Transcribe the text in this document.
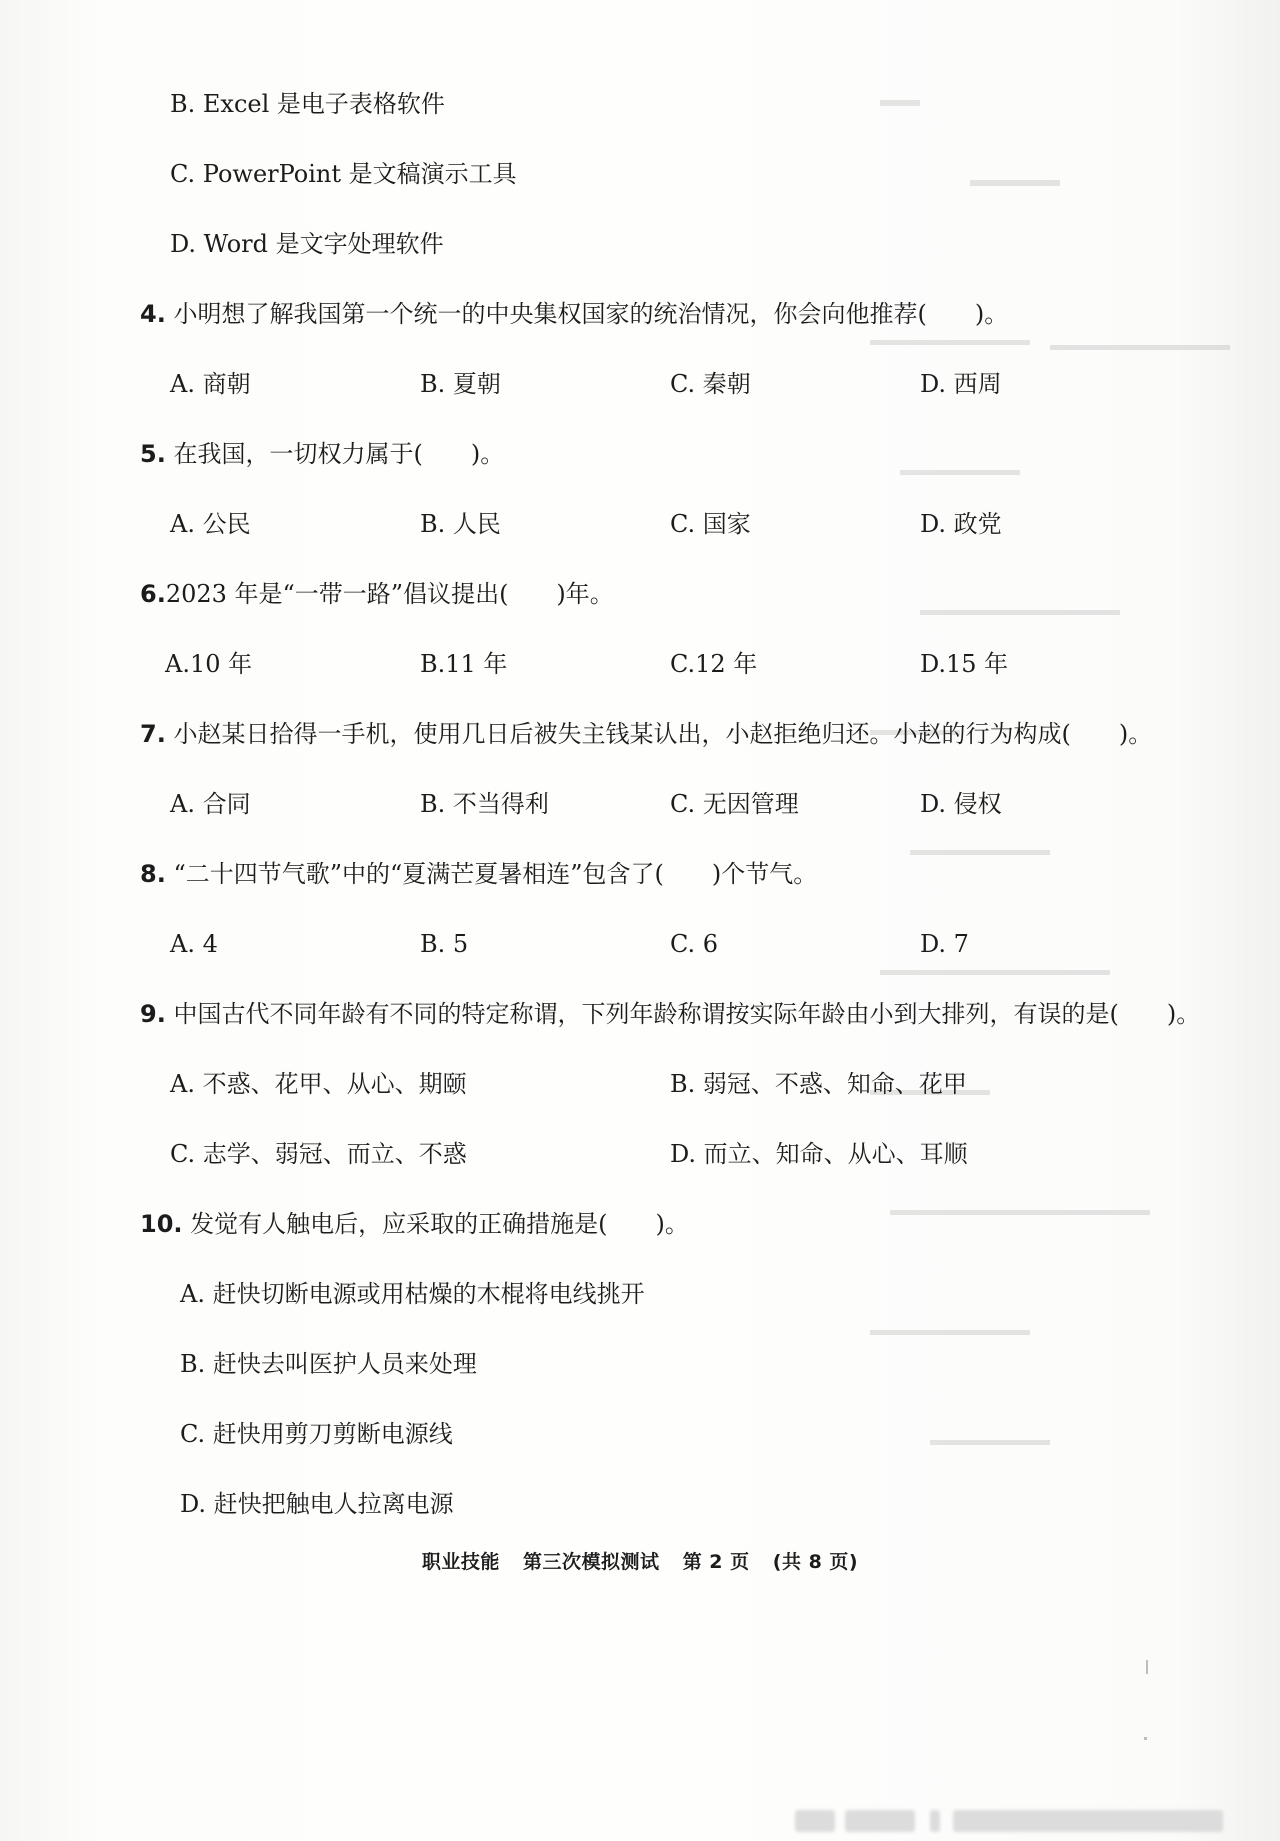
B. Excel 是电子表格软件
C. PowerPoint 是文稿演示工具
D. Word 是文字处理软件
4. 小明想了解我国第一个统一的中央集权国家的统治情况，你会向他推荐(　　)。
A. 商朝	B. 夏朝	C. 秦朝	D. 西周
5. 在我国，一切权力属于(　　)。
A. 公民	B. 人民	C. 国家	D. 政党
6.2023 年是“一带一路”倡议提出(　　)年。
A.10 年	B.11 年	C.12 年	D.15 年
7. 小赵某日拾得一手机，使用几日后被失主钱某认出，小赵拒绝归还。小赵的行为构成(　　)。
A. 合同	B. 不当得利	C. 无因管理	D. 侵权
8. “二十四节气歌”中的“夏满芒夏暑相连”包含了(　　)个节气。
A. 4	B. 5	C. 6	D. 7
9. 中国古代不同年龄有不同的特定称谓，下列年龄称谓按实际年龄由小到大排列，有误的是(　　)。
A. 不惑、花甲、从心、期颐	B. 弱冠、不惑、知命、花甲
C. 志学、弱冠、而立、不惑	D. 而立、知命、从心、耳顺
10. 发觉有人触电后，应采取的正确措施是(　　)。
A. 赶快切断电源或用枯燥的木棍将电线挑开
B. 赶快去叫医护人员来处理
C. 赶快用剪刀剪断电源线
D. 赶快把触电人拉离电源
职业技能 第三次模拟测试 第 2 页 (共 8 页)
